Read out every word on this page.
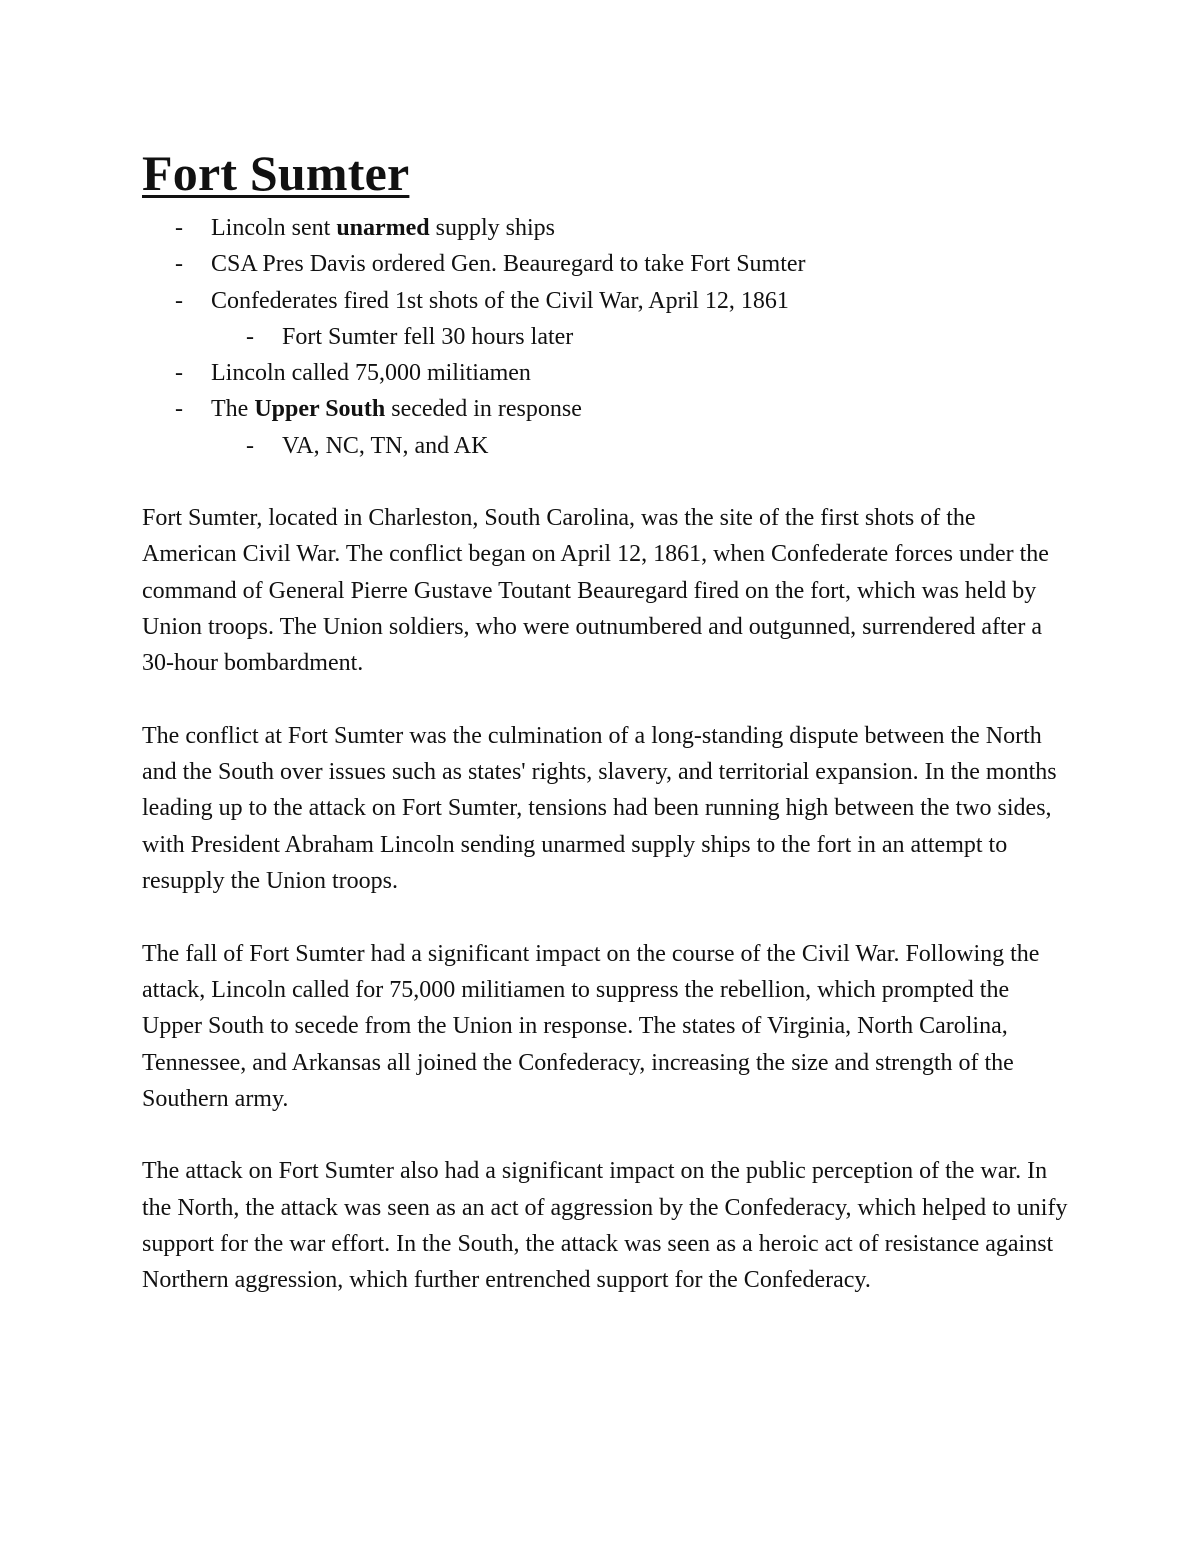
Fort Sumter
- Lincoln sent unarmed supply ships
- CSA Pres Davis ordered Gen. Beauregard to take Fort Sumter
- Confederates fired 1st shots of the Civil War, April 12, 1861
- Fort Sumter fell 30 hours later
- Lincoln called 75,000 militiamen
- The Upper South seceded in response
- VA, NC, TN, and AK

Fort Sumter, located in Charleston, South Carolina, was the site of the first shots of the American Civil War. The conflict began on April 12, 1861, when Confederate forces under the command of General Pierre Gustave Toutant Beauregard fired on the fort, which was held by Union troops. The Union soldiers, who were outnumbered and outgunned, surrendered after a 30-hour bombardment.

The conflict at Fort Sumter was the culmination of a long-standing dispute between the North and the South over issues such as states' rights, slavery, and territorial expansion. In the months leading up to the attack on Fort Sumter, tensions had been running high between the two sides, with President Abraham Lincoln sending unarmed supply ships to the fort in an attempt to resupply the Union troops.

The fall of Fort Sumter had a significant impact on the course of the Civil War. Following the attack, Lincoln called for 75,000 militiamen to suppress the rebellion, which prompted the Upper South to secede from the Union in response. The states of Virginia, North Carolina, Tennessee, and Arkansas all joined the Confederacy, increasing the size and strength of the Southern army.

The attack on Fort Sumter also had a significant impact on the public perception of the war. In the North, the attack was seen as an act of aggression by the Confederacy, which helped to unify support for the war effort. In the South, the attack was seen as a heroic act of resistance against Northern aggression, which further entrenched support for the Confederacy.
